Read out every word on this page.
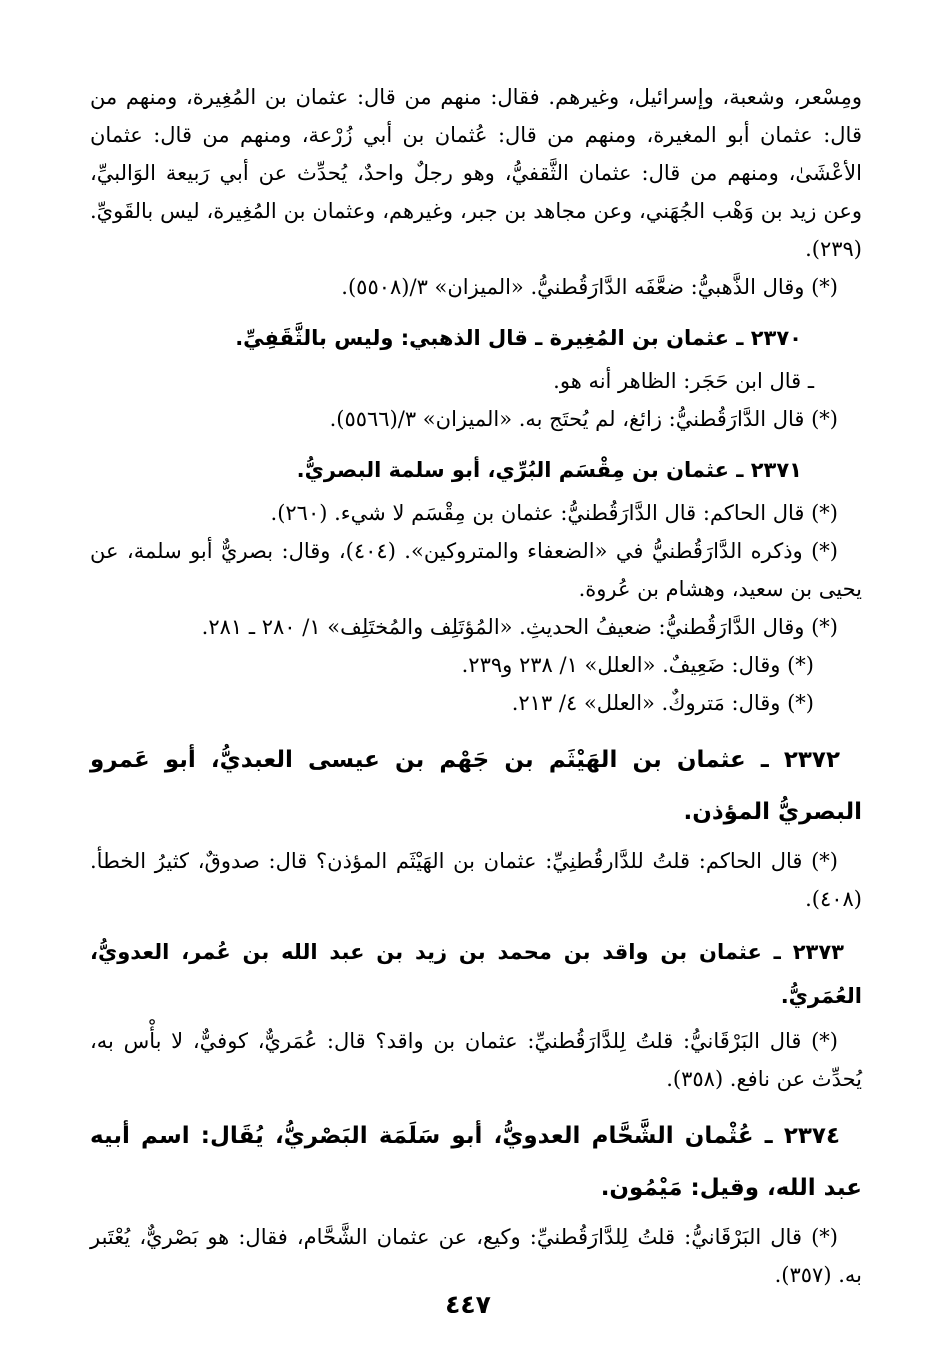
ومِسْعر، وشعبة، وإسرائيل، وغيرهم. فقال: منهم من قال: عثمان بن المُغِيرة، ومنهم من قال: عثمان أبو المغيرة، ومنهم من قال: عُثمان بن أبي زُرْعة، ومنهم من قال: عثمان الأعْشَىٰ، ومنهم من قال: عثمان الثَّقفيُّ، وهو رجلٌ واحدٌ، يُحدِّث عن أبي رَبيعة الوَالبيِّ، وعن زيد بن وَهْب الجُهَني، وعن مجاهد بن جبر، وغيرهم، وعثمان بن المُغِيرة، ليس بالقَويِّ. (٢٣٩).

(*) وقال الذَّهبيُّ: ضعَّفَه الدَّارَقُطنيُّ. «الميزان» ٣/(٥٥٠٨).

٢٣٧٠ ـ عثمان بن المُغِيرة ـ قال الذهبي: وليس بالثَّقَفِيِّ.

ـ قال ابن حَجَر: الظاهر أنه هو.

(*) قال الدَّارَقُطنيُّ: زائغ، لم يُحتَج به. «الميزان» ٣/(٥٥٦٦).

٢٣٧١ ـ عثمان بن مِقْسَم البُرِّي، أبو سلمة البصريُّ.

(*) قال الحاكم: قال الدَّارَقُطنيُّ: عثمان بن مِقْسَم لا شيء. (٢٦٠).

(*) وذكره الدَّارَقُطنيُّ في «الضعفاء والمتروكين». (٤٠٤)، وقال: بصريٌّ أبو سلمة، عن يحيى بن سعيد، وهشام بن عُروة.

(*) وقال الدَّارَقُطنيُّ: ضعيفُ الحديثِ. «المُؤتَلِف والمُختَلِف» ١/ ٢٨٠ ـ ٢٨١.

(*) وقال: ضَعِيفٌ. «العلل» ١/ ٢٣٨ و٢٣٩.

(*) وقال: مَتروكٌ. «العلل» ٤/ ٢١٣.

٢٣٧٢ ـ عثمان بن الهَيْثَم بن جَهْم بن عيسى العبديُّ، أبو عَمرو البصريُّ المؤذن.

(*) قال الحاكم: قلتُ للدَّارقُطنِيِّ: عثمان بن الهَيْثَم المؤذن؟ قال: صدوقٌ، كثيرُ الخطأ. (٤٠٨).

٢٣٧٣ ـ عثمان بن واقد بن محمد بن زيد بن عبد الله بن عُمر، العدويُّ، العُمَريُّ.

(*) قال البَرْقَانيُّ: قلتُ لِلدَّارَقُطنيِّ: عثمان بن واقد؟ قال: عُمَريٌّ، كوفيٌّ، لا بأْس به، يُحدِّث عن نافع. (٣٥٨).

٢٣٧٤ ـ عُثْمان الشَّحَّام العدويُّ، أبو سَلَمَة البَصْريُّ، يُقَال: اسم أبيه عبد الله، وقيل: مَيْمُون.

(*) قال البَرْقَانيُّ: قلتُ لِلدَّارَقُطنيِّ: وكيع، عن عثمان الشَّحَّام، فقال: هو بَصْريٌّ، يُعْتَبر به. (٣٥٧).

٤٤٧
